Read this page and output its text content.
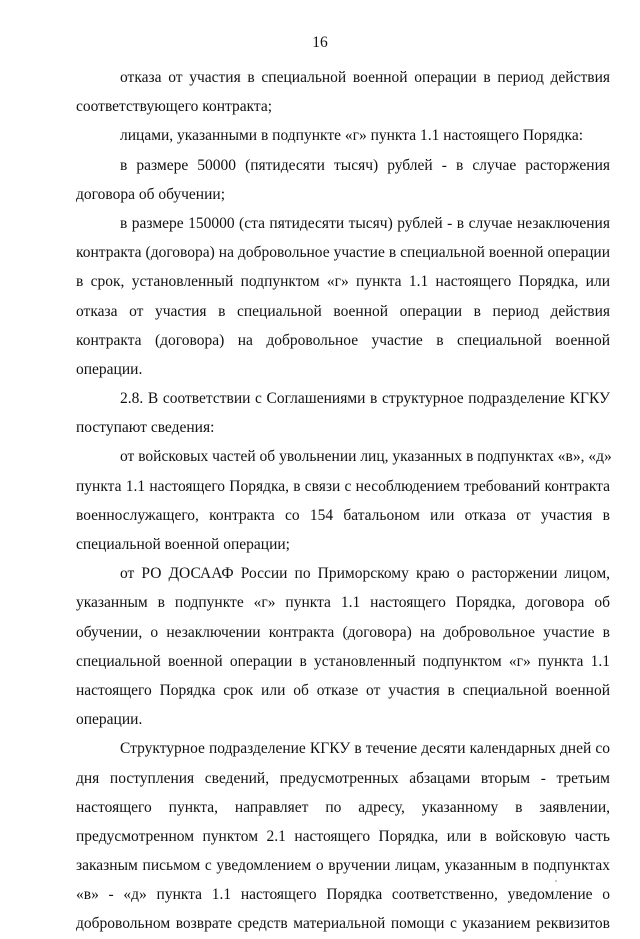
16
отказа от участия в специальной военной операции в период действия
соответствующего контракта;
лицами, указанными в подпункте «г» пункта 1.1 настоящего Порядка:
в размере 50000 (пятидесяти тысяч) рублей - в случае расторжения
договора об обучении;
в размере 150000 (ста пятидесяти тысяч) рублей - в случае незаключения
контракта (договора) на добровольное участие в специальной военной операции
в срок, установленный подпунктом «г» пункта 1.1 настоящего Порядка, или
отказа от участия в специальной военной операции в период действия
контракта (договора) на добровольное участие в специальной военной
операции.
2.8. В соответствии с Соглашениями в структурное подразделение КГКУ
поступают сведения:
от войсковых частей об увольнении лиц, указанных в подпунктах «в», «д»
пункта 1.1 настоящего Порядка, в связи с несоблюдением требований контракта
военнослужащего, контракта со 154 батальоном или отказа от участия в
специальной военной операции;
от РО ДОСААФ России по Приморскому краю о расторжении лицом,
указанным в подпункте «г» пункта 1.1 настоящего Порядка, договора об
обучении, о незаключении контракта (договора) на добровольное участие в
специальной военной операции в установленный подпунктом «г» пункта 1.1
настоящего Порядка срок или об отказе от участия в специальной военной
операции.
Структурное подразделение КГКУ в течение десяти календарных дней со
дня поступления сведений, предусмотренных абзацами вторым - третьим
настоящего пункта, направляет по адресу, указанному в заявлении,
предусмотренном пунктом 2.1 настоящего Порядка, или в войсковую часть
заказным письмом с уведомлением о вручении лицам, указанным в подпунктах
«в» - «д» пункта 1.1 настоящего Порядка соответственно, уведомление о
добровольном возврате средств материальной помощи с указанием реквизитов
